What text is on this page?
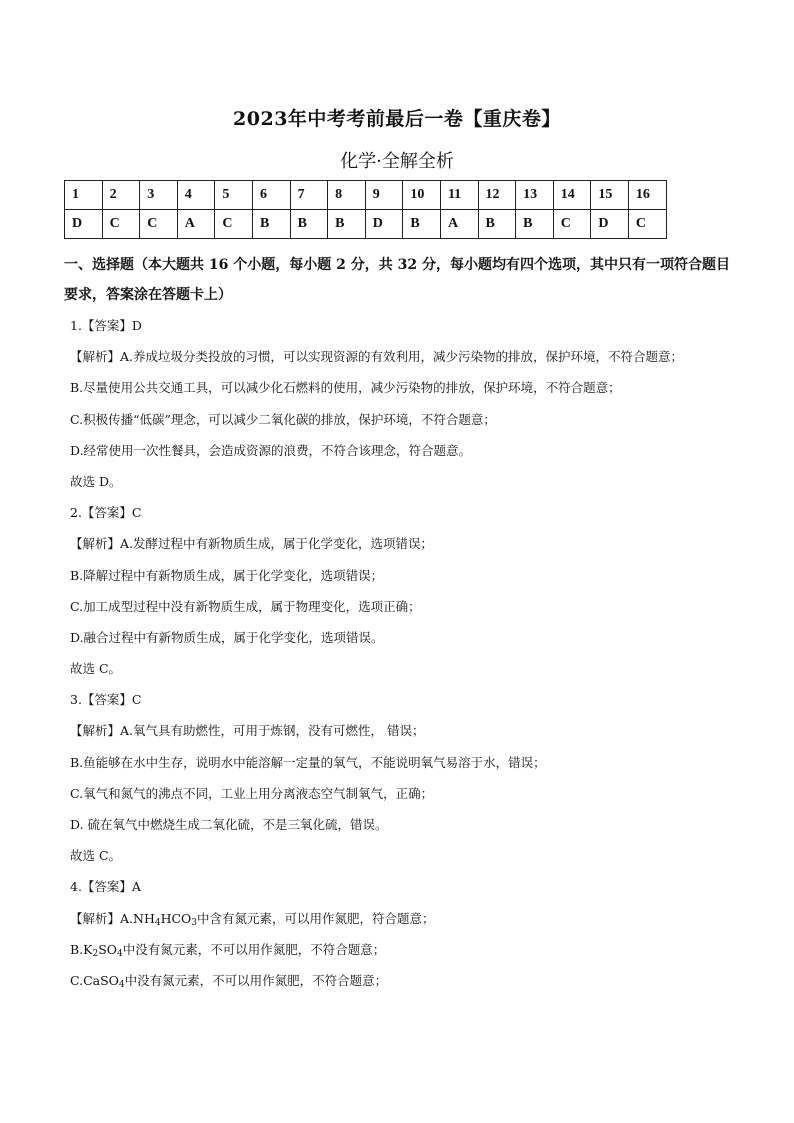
2023年中考考前最后一卷【重庆卷】
化学·全解全析
1	2	3	4	5	6	7	8	9	10	11	12	13	14	15	16
D	C	C	A	C	B	B	B	D	B	A	B	B	C	D	C
一、选择题（本大题共 16 个小题，每小题 2 分，共 32 分，每小题均有四个选项，其中只有一项符合题目要求，答案涂在答题卡上）
1.【答案】D
【解析】A.养成垃圾分类投放的习惯，可以实现资源的有效利用，减少污染物的排放，保护环境，不符合题意；
B.尽量使用公共交通工具，可以减少化石燃料的使用，减少污染物的排放，保护环境，不符合题意；
C.积极传播“低碳”理念，可以减少二氧化碳的排放，保护环境，不符合题意；
D.经常使用一次性餐具，会造成资源的浪费，不符合该理念，符合题意。
故选 D。
2.【答案】C
【解析】A.发酵过程中有新物质生成，属于化学变化，选项错误；
B.降解过程中有新物质生成，属于化学变化，选项错误；
C.加工成型过程中没有新物质生成，属于物理变化，选项正确；
D.融合过程中有新物质生成，属于化学变化，选项错误。
故选 C。
3.【答案】C
【解析】A.氧气具有助燃性，可用于炼钢，没有可燃性， 错误；
B.鱼能够在水中生存，说明水中能溶解一定量的氧气，不能说明氧气易溶于水，错误；
C.氧气和氮气的沸点不同，工业上用分离液态空气制氧气，正确；
D. 硫在氧气中燃烧生成二氧化硫，不是三氧化硫，错误。
故选 C。
4.【答案】A
【解析】$A.NH_4HCO_3$中含有氮元素，可以用作氮肥，符合题意；
$B.K_2SO_4$中没有氮元素，不可以用作氮肥，不符合题意；
C.CaSO$_4$中没有氮元素，不可以用作氮肥，不符合题意；
